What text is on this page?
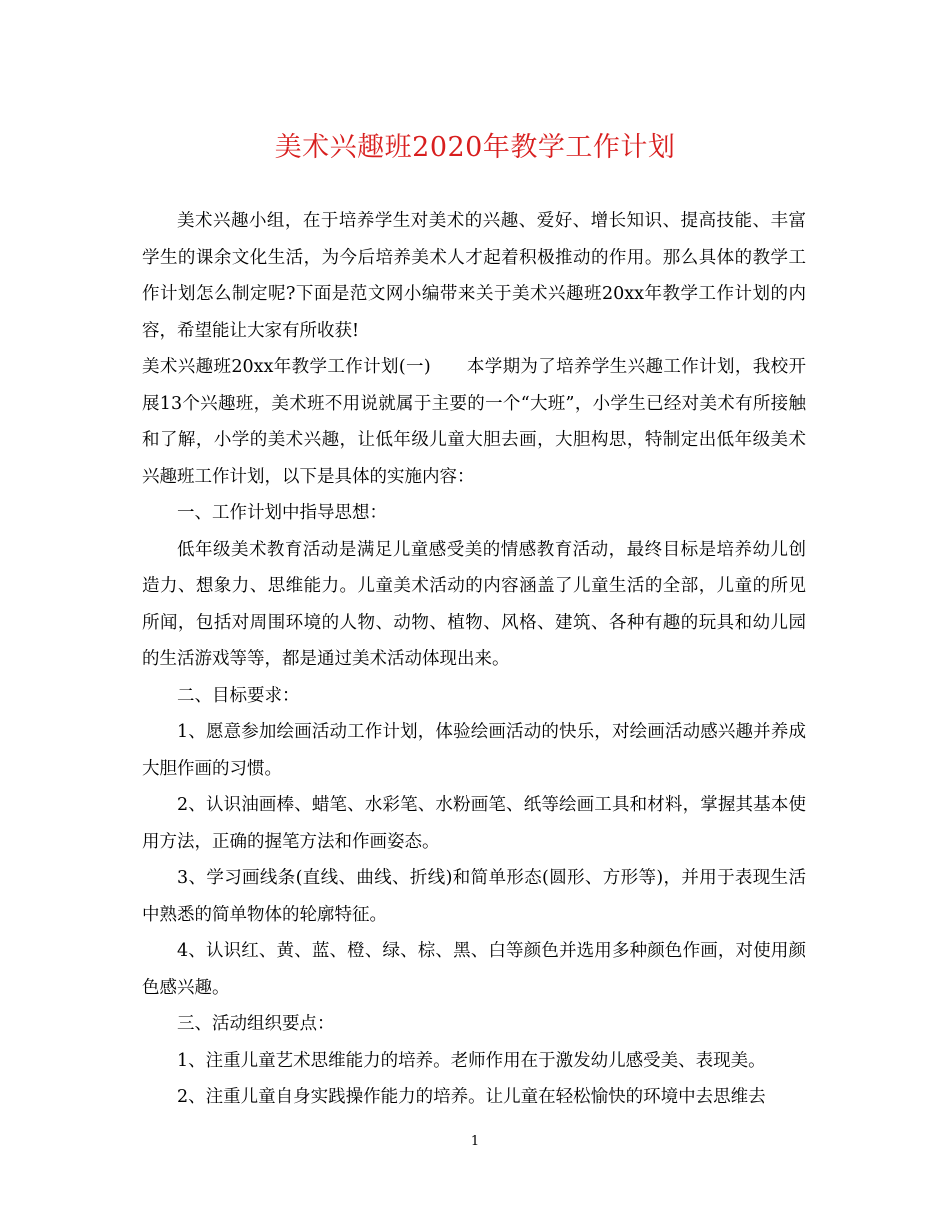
美术兴趣班2020年教学工作计划

美术兴趣小组，在于培养学生对美术的兴趣、爱好、增长知识、提高技能、丰富学生的课余文化生活，为今后培养美术人才起着积极推动的作用。那么具体的教学工作计划怎么制定呢?下面是范文网小编带来关于美术兴趣班20xx年教学工作计划的内容，希望能让大家有所收获!

美术兴趣班20xx年教学工作计划(一)　　本学期为了培养学生兴趣工作计划，我校开展13个兴趣班，美术班不用说就属于主要的一个“大班”，小学生已经对美术有所接触和了解，小学的美术兴趣，让低年级儿童大胆去画，大胆构思，特制定出低年级美术兴趣班工作计划，以下是具体的实施内容：

一、工作计划中指导思想：

低年级美术教育活动是满足儿童感受美的情感教育活动，最终目标是培养幼儿创造力、想象力、思维能力。儿童美术活动的内容涵盖了儿童生活的全部，儿童的所见所闻，包括对周围环境的人物、动物、植物、风格、建筑、各种有趣的玩具和幼儿园的生活游戏等等，都是通过美术活动体现出来。

二、目标要求：

1、愿意参加绘画活动工作计划，体验绘画活动的快乐，对绘画活动感兴趣并养成大胆作画的习惯。

2、认识油画棒、蜡笔、水彩笔、水粉画笔、纸等绘画工具和材料，掌握其基本使用方法，正确的握笔方法和作画姿态。

3、学习画线条(直线、曲线、折线)和简单形态(圆形、方形等)，并用于表现生活中熟悉的简单物体的轮廓特征。

4、认识红、黄、蓝、橙、绿、棕、黑、白等颜色并选用多种颜色作画，对使用颜色感兴趣。

三、活动组织要点：

1、注重儿童艺术思维能力的培养。老师作用在于激发幼儿感受美、表现美。

2、注重儿童自身实践操作能力的培养。让儿童在轻松愉快的环境中去思维去

1
